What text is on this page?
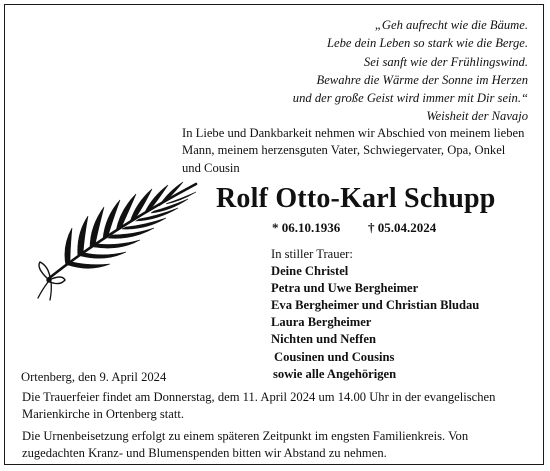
„Geh aufrecht wie die Bäume.
Lebe dein Leben so stark wie die Berge.
Sei sanft wie der Frühlingswind.
Bewahre die Wärme der Sonne im Herzen
und der große Geist wird immer mit Dir sein.“
Weisheit der Navajo
In Liebe und Dankbarkeit nehmen wir Abschied von meinem lieben Mann, meinem herzensguten Vater, Schwiegervater, Opa, Onkel und Cousin
Rolf Otto-Karl Schupp
* 06.10.1936 † 05.04.2024
In stiller Trauer:
Deine Christel
Petra und Uwe Bergheimer
Eva Bergheimer und Christian Bludau
Laura Bergheimer
Nichten und Neffen
Cousinen und Cousins
sowie alle Angehörigen
Ortenberg, den 9. April 2024
Die Trauerfeier findet am Donnerstag, dem 11. April 2024 um 14.00 Uhr in der evangelischen Marienkirche in Ortenberg statt.
Die Urnenbeisetzung erfolgt zu einem späteren Zeitpunkt im engsten Familienkreis. Von zugedachten Kranz- und Blumenspenden bitten wir Abstand zu nehmen.
